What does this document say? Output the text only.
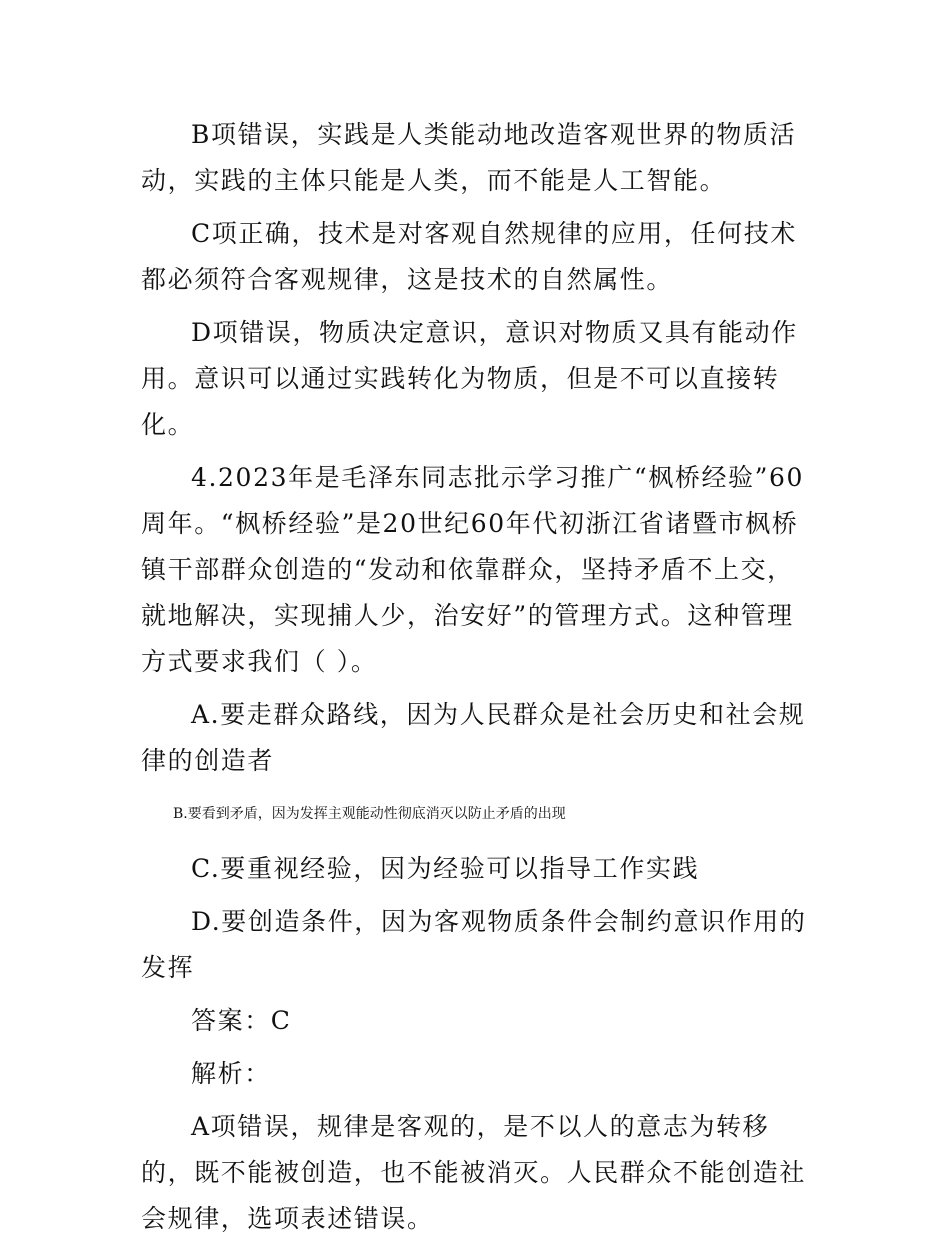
B项错误，实践是人类能动地改造客观世界的物质活动，实践的主体只能是人类，而不能是人工智能。

C项正确，技术是对客观自然规律的应用，任何技术都必须符合客观规律，这是技术的自然属性。

D项错误，物质决定意识，意识对物质又具有能动作用。意识可以通过实践转化为物质，但是不可以直接转化。

4.2023年是毛泽东同志批示学习推广“枫桥经验”60周年。“枫桥经验”是20世纪60年代初浙江省诸暨市枫桥镇干部群众创造的“发动和依靠群众，坚持矛盾不上交，就地解决，实现捕人少，治安好”的管理方式。这种管理方式要求我们（ ）。

A.要走群众路线，因为人民群众是社会历史和社会规律的创造者

B.要看到矛盾，因为发挥主观能动性彻底消灭以防止矛盾的出现

C.要重视经验，因为经验可以指导工作实践

D.要创造条件，因为客观物质条件会制约意识作用的发挥

答案：C

解析：

A项错误，规律是客观的，是不以人的意志为转移的，既不能被创造，也不能被消灭。人民群众不能创造社会规律，选项表述错误。
